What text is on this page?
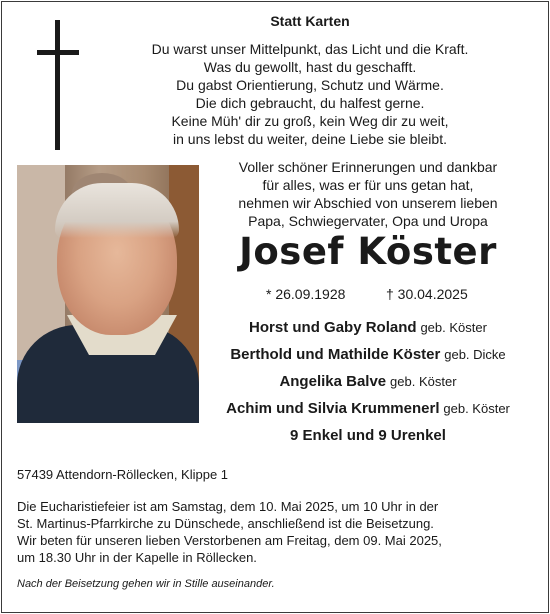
Statt Karten
Du warst unser Mittelpunkt, das Licht und die Kraft.
Was du gewollt, hast du geschafft.
Du gabst Orientierung, Schutz und Wärme.
Die dich gebraucht, du halfest gerne.
Keine Müh' dir zu groß, kein Weg dir zu weit,
in uns lebst du weiter, deine Liebe sie bleibt.
Voller schöner Erinnerungen und dankbar
für alles, was er für uns getan hat,
nehmen wir Abschied von unserem lieben
Papa, Schwiegervater, Opa und Uropa
Josef Köster
* 26.09.1928	† 30.04.2025
Horst und Gaby Roland geb. Köster
Berthold und Mathilde Köster geb. Dicke
Angelika Balve geb. Köster
Achim und Silvia Krummenerl geb. Köster
9 Enkel und 9 Urenkel
57439 Attendorn-Röllecken, Klippe 1
Die Eucharistiefeier ist am Samstag, dem 10. Mai 2025, um 10 Uhr in der
St. Martinus-Pfarrkirche zu Dünschede, anschließend ist die Beisetzung.
Wir beten für unseren lieben Verstorbenen am Freitag, dem 09. Mai 2025,
um 18.30 Uhr in der Kapelle in Röllecken.
Nach der Beisetzung gehen wir in Stille auseinander.
